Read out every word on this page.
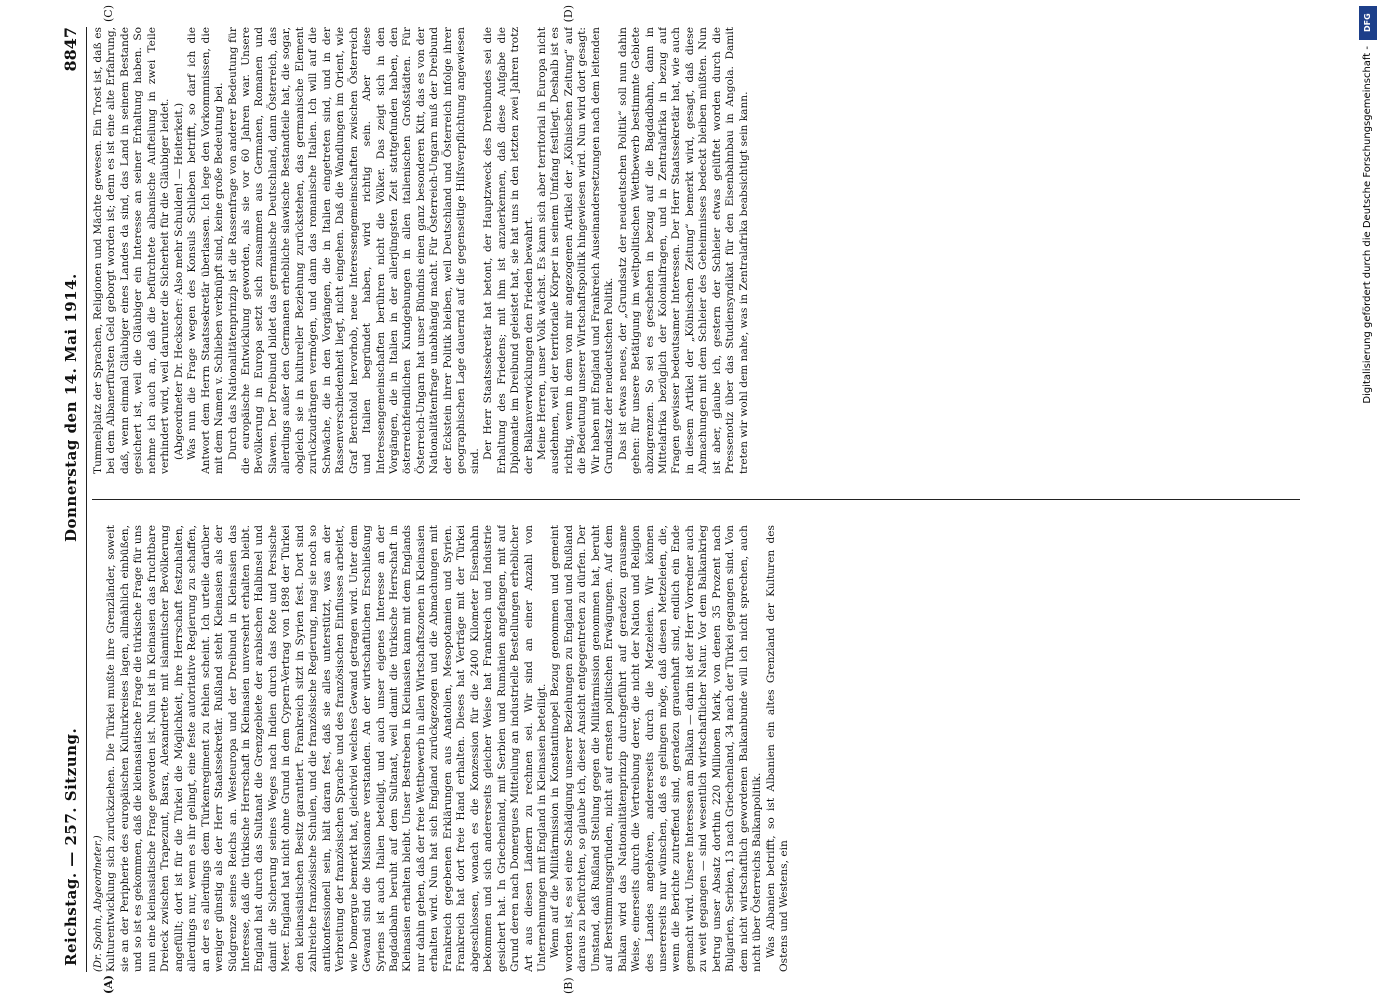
Reichstag. — 257. Sitzung.
Donnerstag den 14. Mai 1914.
8847
(A)	(B)
(Dr. Spahn, Abgeordneter.) Kulturentwicklung sich zurückziehen. Die Türkei mußte ihre Grenzländer, soweit sie an der Peripherie des europäischen Kulturkreises lagen, allmählich einbüßen, und so ist es gekommen, daß die kleinasiatische Frage die türkische Frage für uns nun eine kleinasiatische Frage geworden ist. Nun ist in Kleinasien das fruchtbare Dreieck zwischen Trapezunt, Basra, Alexandrette mit islamitischer Bevölkerung angefüllt; dort ist für die Türkei die Möglichkeit, ihre Herrschaft festzuhalten, allerdings nur, wenn es ihr gelingt, eine feste autoritative Regierung zu schaffen, an der es allerdings dem Türkenregiment zu fehlen scheint. Ich urteile darüber weniger günstig als der Herr Staatssekretär. Rußland steht Kleinasien als der Südgrenze seines Reichs an. Westeuropa und der Dreibund in Kleinasien das Interesse, daß die türkische Herrschaft in Kleinasien unversehrt erhalten bleibt. England hat durch das Sultanat die Grenzgebiete der arabischen Halbinsel und damit die Sicherung seines Weges nach Indien durch das Rote und Persische Meer. England hat nicht ohne Grund in dem Cypern-Vertrag von 1898 der Türkei den kleinasiatischen Besitz garantiert. Frankreich sitzt in Syrien fest. Dort sind zahlreiche französische Schulen, und die französische Regierung, mag sie noch so antikonfessionell sein, hält daran fest, daß sie alles unterstützt, was an der Verbreitung der französischen Sprache und des französischen Einflusses arbeitet, wie Domergue bemerkt hat, gleichviel welches Gewand getragen wird. Unter dem Gewand sind die Missionare verstanden. An der wirtschaftlichen Erschließung Syriens ist auch Italien beteiligt, und auch unser eigenes Interesse an der Bagdadbahn beruht auf dem Sultanat, weil damit die türkische Herrschaft in Kleinasien erhalten bleibt. Unser Bestreben in Kleinasien kann mit dem Englands nur dahin gehen, daß der freie Wettbewerb in allen Wirtschaftszonen in Kleinasien erhalten wird. Nun hat sich England zurückgezogen und die Abmachungen mit Frankreich gegebenen Erklärungen aus Anatolien, Mesopotamien und Syrien. Frankreich hat dort freie Hand erhalten. Dieses hat Verträge mit der Türkei abgeschlossen, wonach es die Konzession für die 2400 Kilometer Eisenbahn bekommen und sich andererseits gleicher Weise hat Frankreich und Industrie gesichert hat. In Griechenland, mit Serbien und Rumänien angefangen, mit auf Grund deren nach Domergues Mitteilung an industrielle Bestellungen erheblicher Art aus diesen Ländern zu rechnen sei. Wir sind an einer Anzahl von Unternehmungen mit England in Kleinasien beteiligt. Wenn auf die Militärmission in Konstantinopel Bezug genommen und gemeint worden ist, es sei eine Schädigung unserer Beziehungen zu England und Rußland daraus zu befürchten, so glaube ich, dieser Ansicht entgegentreten zu dürfen. Der Umstand, daß Rußland Stellung gegen die Militärmission genommen hat, beruht auf Berstimmungsgründen, nicht auf ernsten politischen Erwägungen. Auf dem Balkan wird das Nationalitätenprinzip durchgeführt auf geradezu grausame Weise, einerseits durch die Vertreibung derer, die nicht der Nation und Religion des Landes angehören, andererseits durch die Metzeleien. Wir können unsererseits nur wünschen, daß es gelingen möge, daß diesen Metzeleien, die, wenn die Berichte zutreffend sind, geradezu grauenhaft sind, endlich ein Ende gemacht wird. Unsere Interessen am Balkan — darin ist der Herr Vorredner auch zu weit gegangen — sind wesentlich wirtschaftlicher Natur. Vor dem Balkankrieg betrug unser Absatz dorthin 220 Millionen Mark, von denen 35 Prozent nach Bulgarien, Serbien, 13 nach Griechenland, 34 nach der Türkei gegangen sind. Von dem nicht wirtschaftlich gewordenen Balkanbunde will ich nicht sprechen, auch nicht über Österreichs Balkanpolitik. Was Albanien betrifft, so ist Albanien ein altes Grenzland der Kulturen des Ostens und Westens, ein

Tummelplatz der Sprachen, Religionen und Mächte gewesen. Ein Trost ist, daß es bei dem Albanerfürsten Geld geborgt worden ist; denn es ist eine alte Erfahrung, daß, wenn einmal Gläubiger eines Landes da sind, das Land in seinem Bestande gesichert ist, weil die Gläubiger ein Interesse an seiner Erhaltung haben. So nehme ich auch an, daß die befürchtete albanische Aufteilung in zwei Teile verhindert wird, weil darunter die Sicherheit für die Gläubiger leidet. (Abgeordneter Dr. Heckscher: Also mehr Schulden! — Heiterkeit.) Was nun die Frage wegen des Konsuls Schlieben betrifft, so darf ich die Antwort dem Herrn Staatssekretär überlassen. Ich lege den Vorkommnissen, die mit dem Namen v. Schlieben verknüpft sind, keine große Bedeutung bei. Durch das Nationalitätenprinzip ist die Rassenfrage von anderer Bedeutung für die europäische Entwicklung geworden, als sie vor 60 Jahren war. Unsere Bevölkerung in Europa setzt sich zusammen aus Germanen, Romanen und Slawen. Der Dreibund bildet das germanische Deutschland, dann Österreich, das allerdings außer den Germanen erhebliche slawische Bestandteile hat, die sogar, obgleich sie in kultureller Beziehung zurückstehen, das germanische Element zurückzudrängen vermögen, und dann das romanische Italien. Ich will auf die Schwäche, die in den Vorgängen, die in Italien eingetreten sind, und in der Rassenverschiedenheit liegt, nicht eingehen. Daß die Wandlungen im Orient, wie Graf Berchtold hervorhob, neue Interessengemeinschaften zwischen Österreich und Italien begründet haben, wird richtig sein. Aber diese Interessengemeinschaften berühren nicht die Völker. Das zeigt sich in den Vorgängen, die in Italien in der allerjüngsten Zeit stattgefunden haben, den österreichfeindlichen Kundgebungen in allen italienischen Großstädten. Für Österreich-Ungarn hat unser Bündnis einen ganz besonderen Kitt, das es von der Nationalitätenfrage unabhängig macht. Für Österreich-Ungarn muß der Dreibund der Eckstein ihrer Politik bleiben, weil Deutschland und Österreich infolge ihrer geographischen Lage dauernd auf die gegenseitige Hilfsverpflichtung angewiesen sind.

Der Herr Staatssekretär hat betont, der Hauptzweck des Dreibundes sei die Erhaltung des Friedens; mit ihm ist anzuerkennen, daß diese Aufgabe die Diplomatie im Dreibund geleistet hat, sie hat uns in den letzten zwei Jahren trotz der Balkanverwicklungen den Frieden bewahrt. Meine Herren, unser Volk wächst. Es kann sich aber territorial in Europa nicht ausdehnen, weil der territoriale Körper in seinem Umfang festliegt. Deshalb ist es richtig, wenn in dem von mir angezogenen Artikel der „Kölnischen Zeitung“ auf die Bedeutung unserer Wirtschaftspolitik hingewiesen wird. Nun wird dort gesagt: Wir haben mit England und Frankreich Auseinandersetzungen nach dem leitenden Grundsatz der neudeutschen Politik. Das ist etwas neues, der „Grundsatz der neudeutschen Politik“ soll nun dahin gehen: für unsere Betätigung im weltpolitischen Wettbewerb bestimmte Gebiete abzugrenzen. So sei es geschehen in bezug auf die Bagdadbahn, dann in Mittelafrika bezüglich der Kolonialfragen, und in Zentralafrika in bezug auf Fragen gewisser bedeutsamer Interessen. Der Herr Staatssekretär hat, wie auch in diesem Artikel der „Kölnischen Zeitung“ bemerkt wird, gesagt, daß diese Abmachungen mit dem Schleier des Geheimnisses bedeckt bleiben müßten. Nun ist aber, glaube ich, gestern der Schleier etwas gelüftet worden durch die Pressenotiz über das Studiensyndikat für den Eisenbahnbau in Angola. Damit treten wir wohl dem nahe, was in Zentralafrika beabsichtigt sein kann.

(C)	(D)	DFG
Digitalisierung gefördert durch die Deutsche Forschungsgemeinschaft -
